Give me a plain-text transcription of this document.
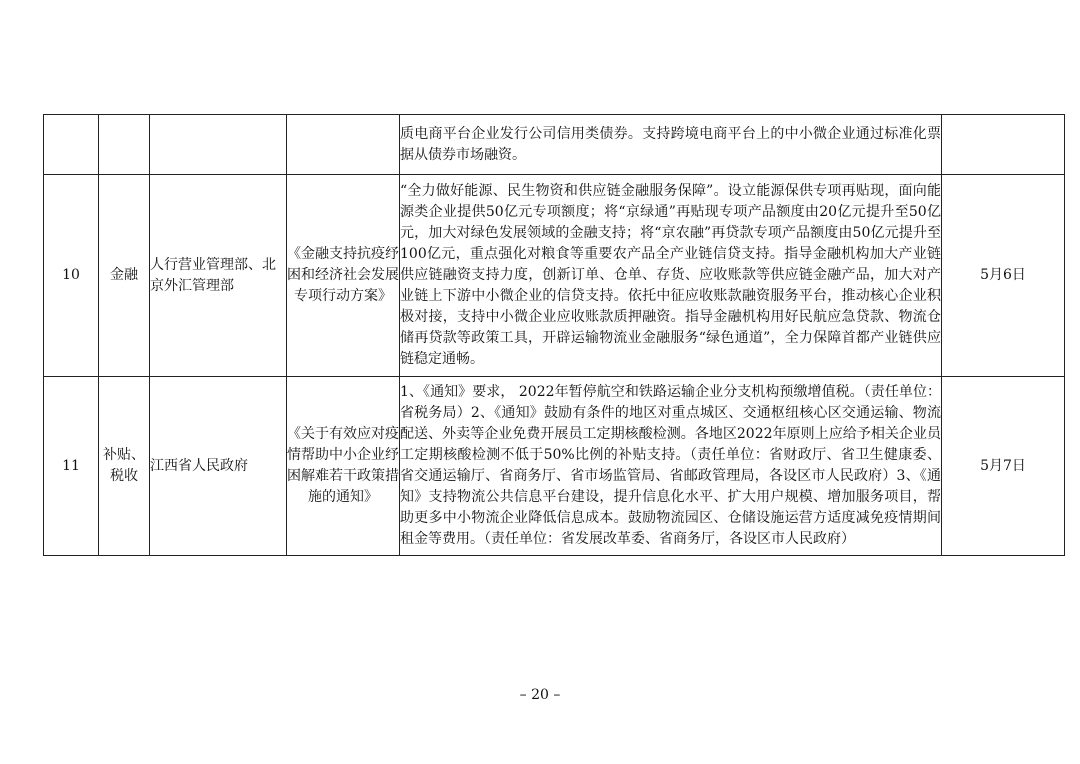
				质电商平台企业发行公司信用类债券。支持跨境电商平台上的中小微企业通过标准化票据从债券市场融资。	
10	金融	人行营业管理部、北京外汇管理部	《金融支持抗疫纾困和经济社会发展专项行动方案》	“全力做好能源、民生物资和供应链金融服务保障”。设立能源保供专项再贴现，面向能源类企业提供50亿元专项额度；将“京绿通”再贴现专项产品额度由20亿元提升至50亿元，加大对绿色发展领域的金融支持；将“京农融”再贷款专项产品额度由50亿元提升至100亿元，重点强化对粮食等重要农产品全产业链信贷支持。指导金融机构加大产业链供应链融资支持力度，创新订单、仓单、存货、应收账款等供应链金融产品，加大对产业链上下游中小微企业的信贷支持。依托中征应收账款融资服务平台，推动核心企业积极对接，支持中小微企业应收账款质押融资。指导金融机构用好民航应急贷款、物流仓储再贷款等政策工具，开辟运输物流业金融服务“绿色通道”，全力保障首都产业链供应链稳定通畅。	5月6日
11	补贴、税收	江西省人民政府	《关于有效应对疫情帮助中小企业纾困解难若干政策措施的通知》	1、《通知》要求， 2022年暂停航空和铁路运输企业分支机构预缴增值税。（责任单位：省税务局）2、《通知》鼓励有条件的地区对重点城区、交通枢纽核心区交通运输、物流配送、外卖等企业免费开展员工定期核酸检测。各地区2022年原则上应给予相关企业员工定期核酸检测不低于50%比例的补贴支持。（责任单位：省财政厅、省卫生健康委、省交通运输厅、省商务厅、省市场监管局、省邮政管理局，各设区市人民政府）3、《通知》支持物流公共信息平台建设，提升信息化水平、扩大用户规模、增加服务项目，帮助更多中小物流企业降低信息成本。鼓励物流园区、仓储设施运营方适度减免疫情期间租金等费用。（责任单位：省发展改革委、省商务厅，各设区市人民政府）	5月7日
– 20 –
